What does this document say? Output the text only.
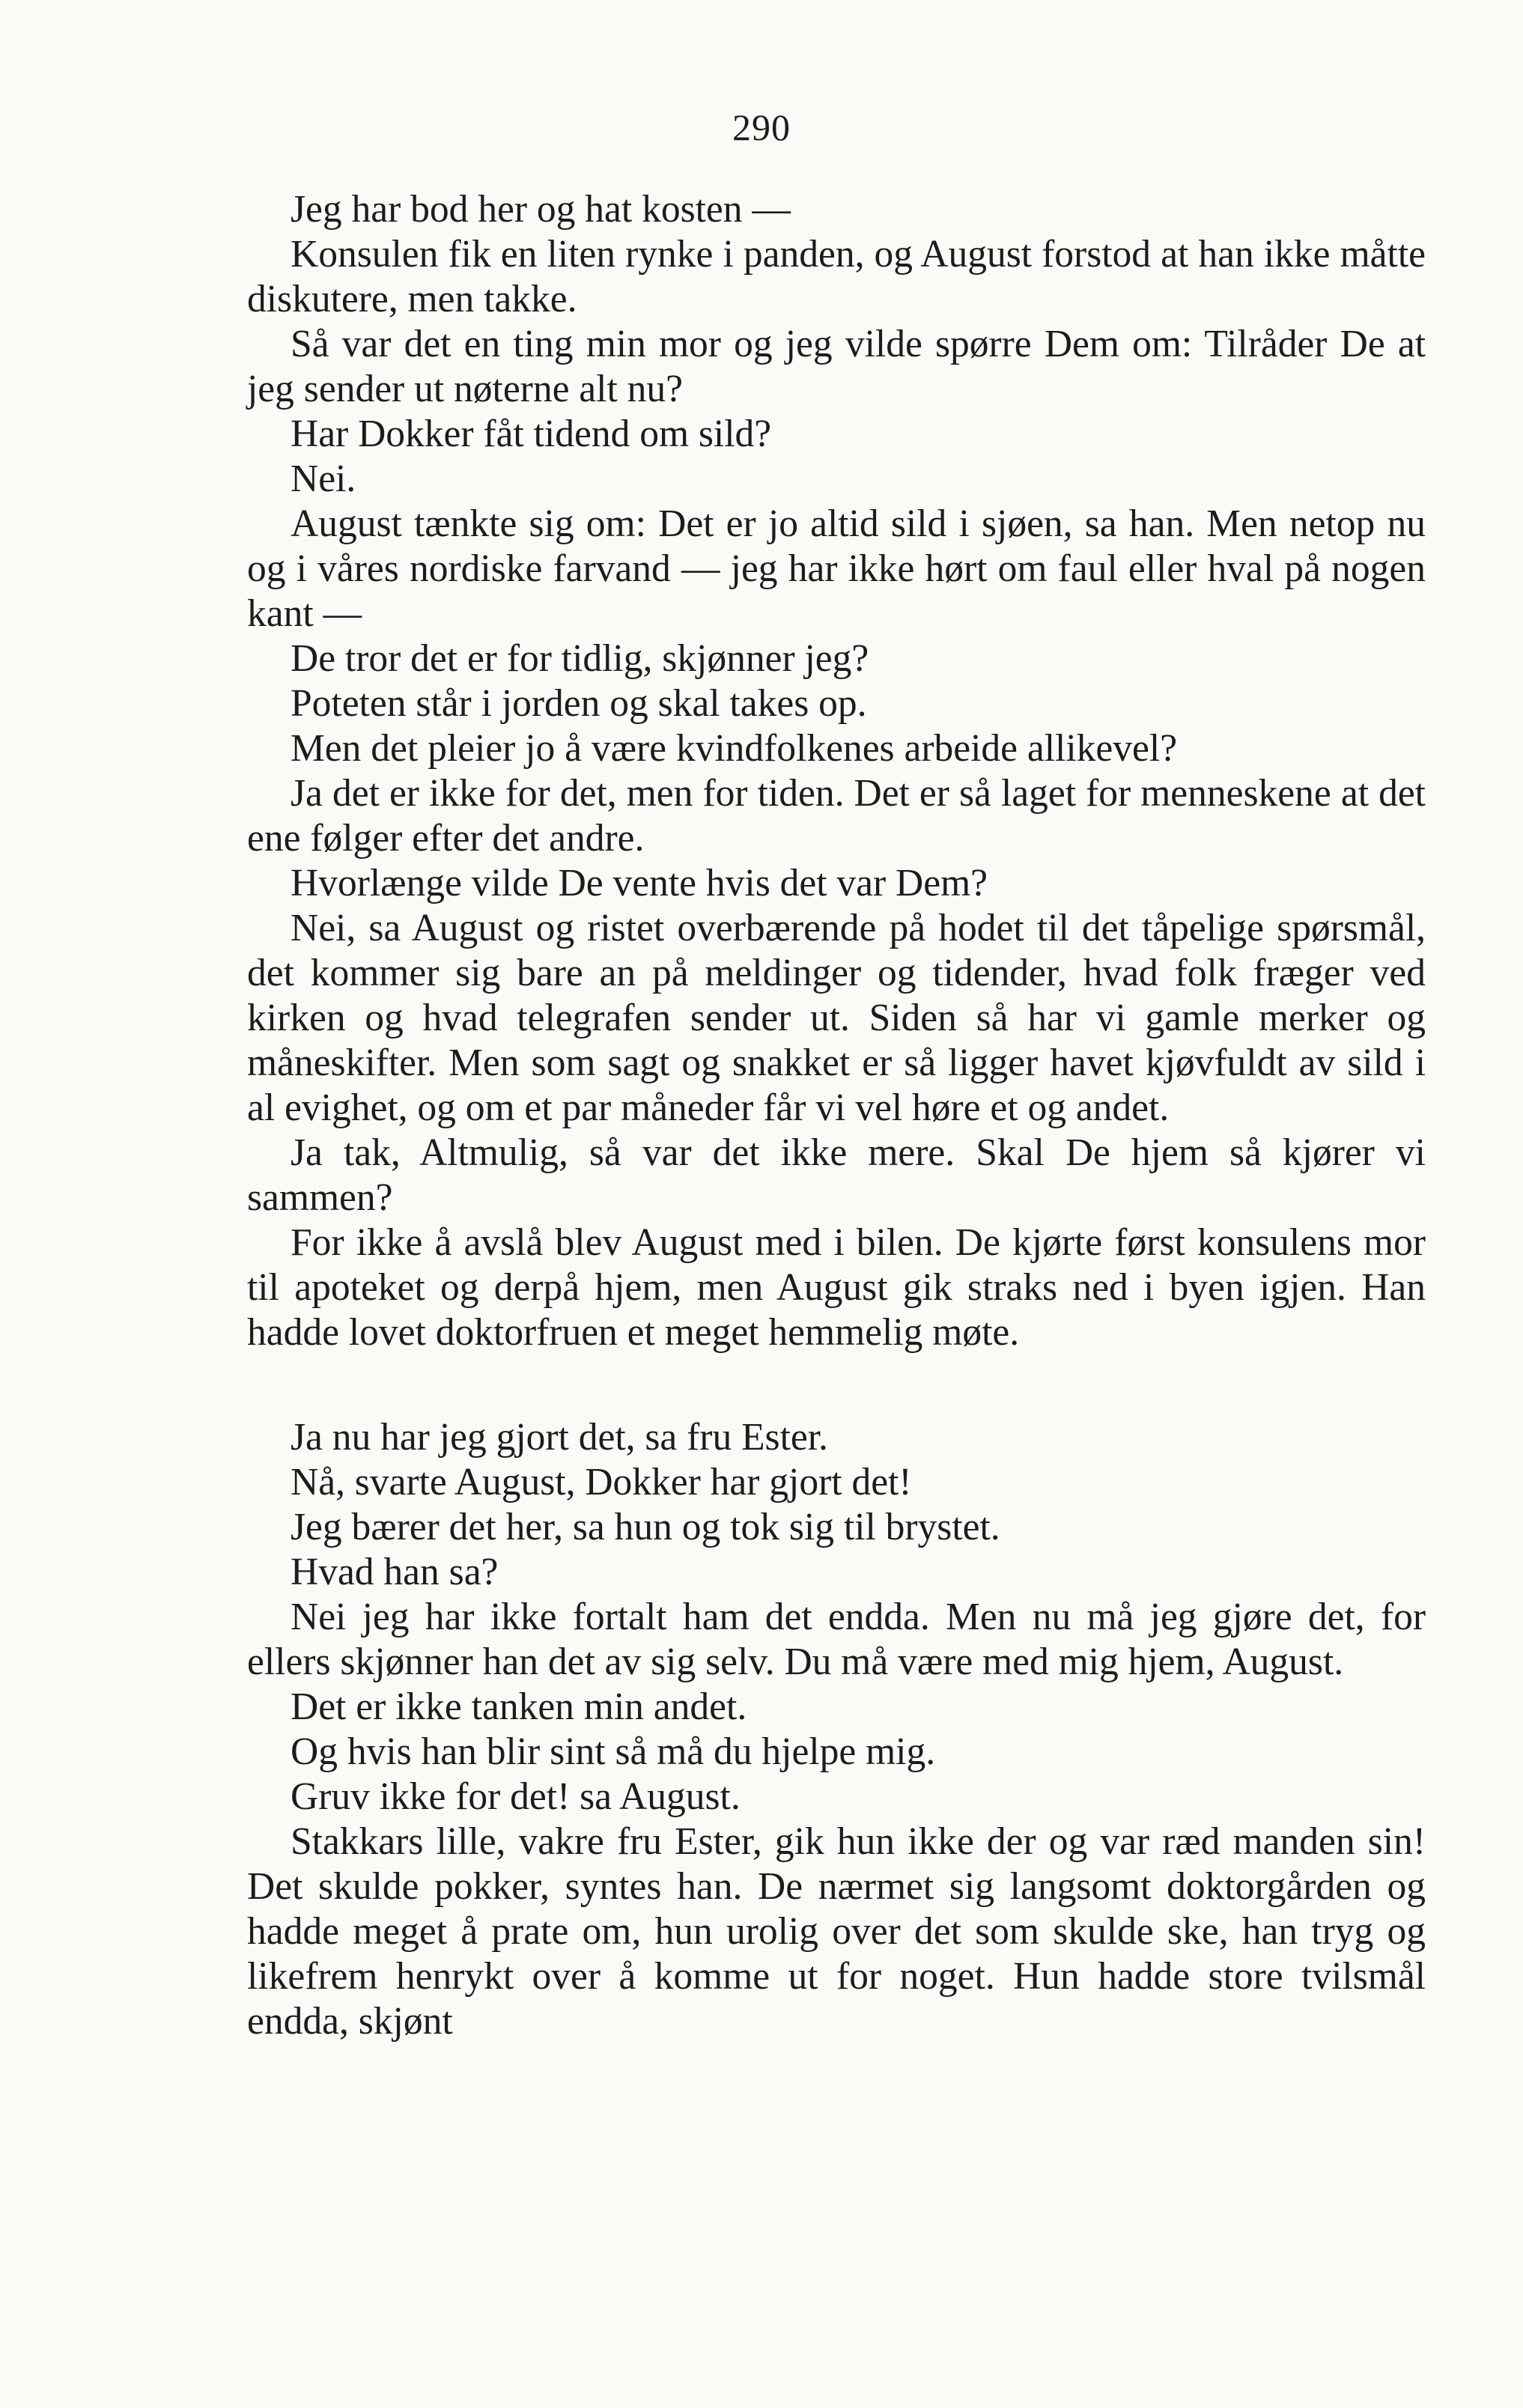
290

Jeg har bod her og hat kosten —

Konsulen fik en liten rynke i panden, og August forstod at han ikke måtte diskutere, men takke.

Så var det en ting min mor og jeg vilde spørre Dem om: Tilråder De at jeg sender ut nøterne alt nu?

Har Dokker fåt tidend om sild?

Nei.

August tænkte sig om: Det er jo altid sild i sjøen, sa han. Men netop nu og i våres nordiske farvand — jeg har ikke hørt om faul eller hval på nogen kant —

De tror det er for tidlig, skjønner jeg?

Poteten står i jorden og skal takes op.

Men det pleier jo å være kvindfolkenes arbeide allikevel?

Ja det er ikke for det, men for tiden. Det er så laget for menneskene at det ene følger efter det andre.

Hvorlænge vilde De vente hvis det var Dem?

Nei, sa August og ristet overbærende på hodet til det tåpelige spørsmål, det kommer sig bare an på meldinger og tidender, hvad folk fræger ved kirken og hvad telegrafen sender ut. Siden så har vi gamle merker og måneskifter. Men som sagt og snakket er så ligger havet kjøvfuldt av sild i al evighet, og om et par måneder får vi vel høre et og andet.

Ja tak, Altmulig, så var det ikke mere. Skal De hjem så kjører vi sammen?

For ikke å avslå blev August med i bilen. De kjørte først konsulens mor til apoteket og derpå hjem, men August gik straks ned i byen igjen. Han hadde lovet doktorfruen et meget hemmelig møte.

Ja nu har jeg gjort det, sa fru Ester.

Nå, svarte August, Dokker har gjort det!

Jeg bærer det her, sa hun og tok sig til brystet.

Hvad han sa?

Nei jeg har ikke fortalt ham det endda. Men nu må jeg gjøre det, for ellers skjønner han det av sig selv. Du må være med mig hjem, August.

Det er ikke tanken min andet.

Og hvis han blir sint så må du hjelpe mig.

Gruv ikke for det! sa August.

Stakkars lille, vakre fru Ester, gik hun ikke der og var ræd manden sin! Det skulde pokker, syntes han. De nærmet sig langsomt doktorgården og hadde meget å prate om, hun urolig over det som skulde ske, han tryg og likefrem henrykt over å komme ut for noget. Hun hadde store tvilsmål endda, skjønt
